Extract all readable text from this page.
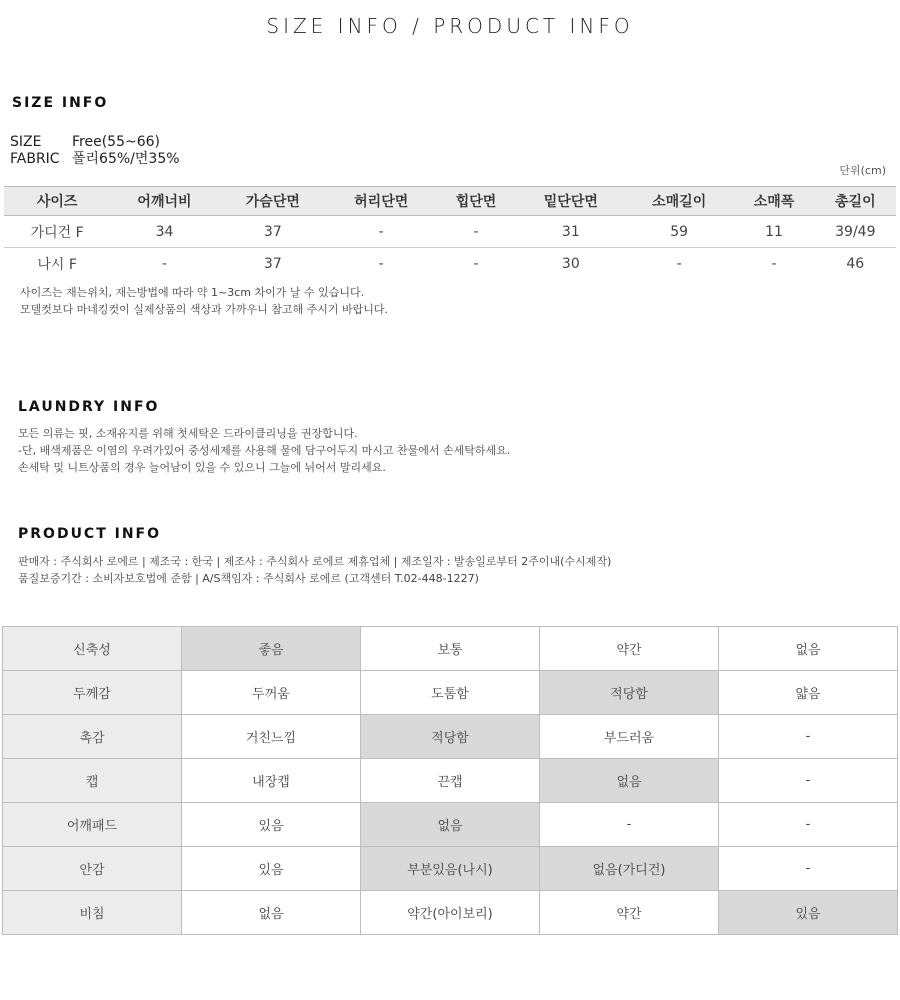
SIZE INFO / PRODUCT INFO
SIZE INFO
SIZE	Free(55~66)
FABRIC 폴리65%/면35%
단위(cm)
사이즈	어깨너비	가슴단면	허리단면	힙단면	밑단단면	소매길이	소매폭	총길이
가디건 F	34	37	-	-	31	59	11	39/49
나시 F	-	37	-	-	30	-	-	46
사이즈는 재는위치, 재는방법에 따라 약 1~3cm 차이가 날 수 있습니다.
모델컷보다 마네킹컷이 실제상품의 색상과 가까우니 참고해 주시기 바랍니다.
LAUNDRY INFO
모든 의류는 핏, 소재유지를 위해 첫세탁은 드라이클리닝을 권장합니다.
-단, 배색제품은 이염의 우려가있어 중성세제를 사용해 물에 담구어두지 마시고 찬물에서 손세탁하세요.
손세탁 및 니트상품의 경우 늘어남이 있을 수 있으니 그늘에 뉘어서 말리세요.
PRODUCT INFO
판매자 : 주식회사 로에르 | 제조국 : 한국 | 제조사 : 주식회사 로에르 제휴업체 | 제조일자 : 발송일로부터 2주이내(수시제작)
품질보증기간 : 소비자보호법에 준함 | A/S책임자 : 주식회사 로에르 (고객센터 T.02-448-1227)
신축성	좋음	보통	약간	없음
두께감	두꺼움	도톰함	적당함	얇음
촉감	거친느낌	적당함	부드러움	-
캡	내장캡	끈캡	없음	-
어깨패드	있음	없음	-	-
안감	있음	부분있음(나시)	없음(가디건)	-
비침	없음	약간(아이보리)	약간	있음
